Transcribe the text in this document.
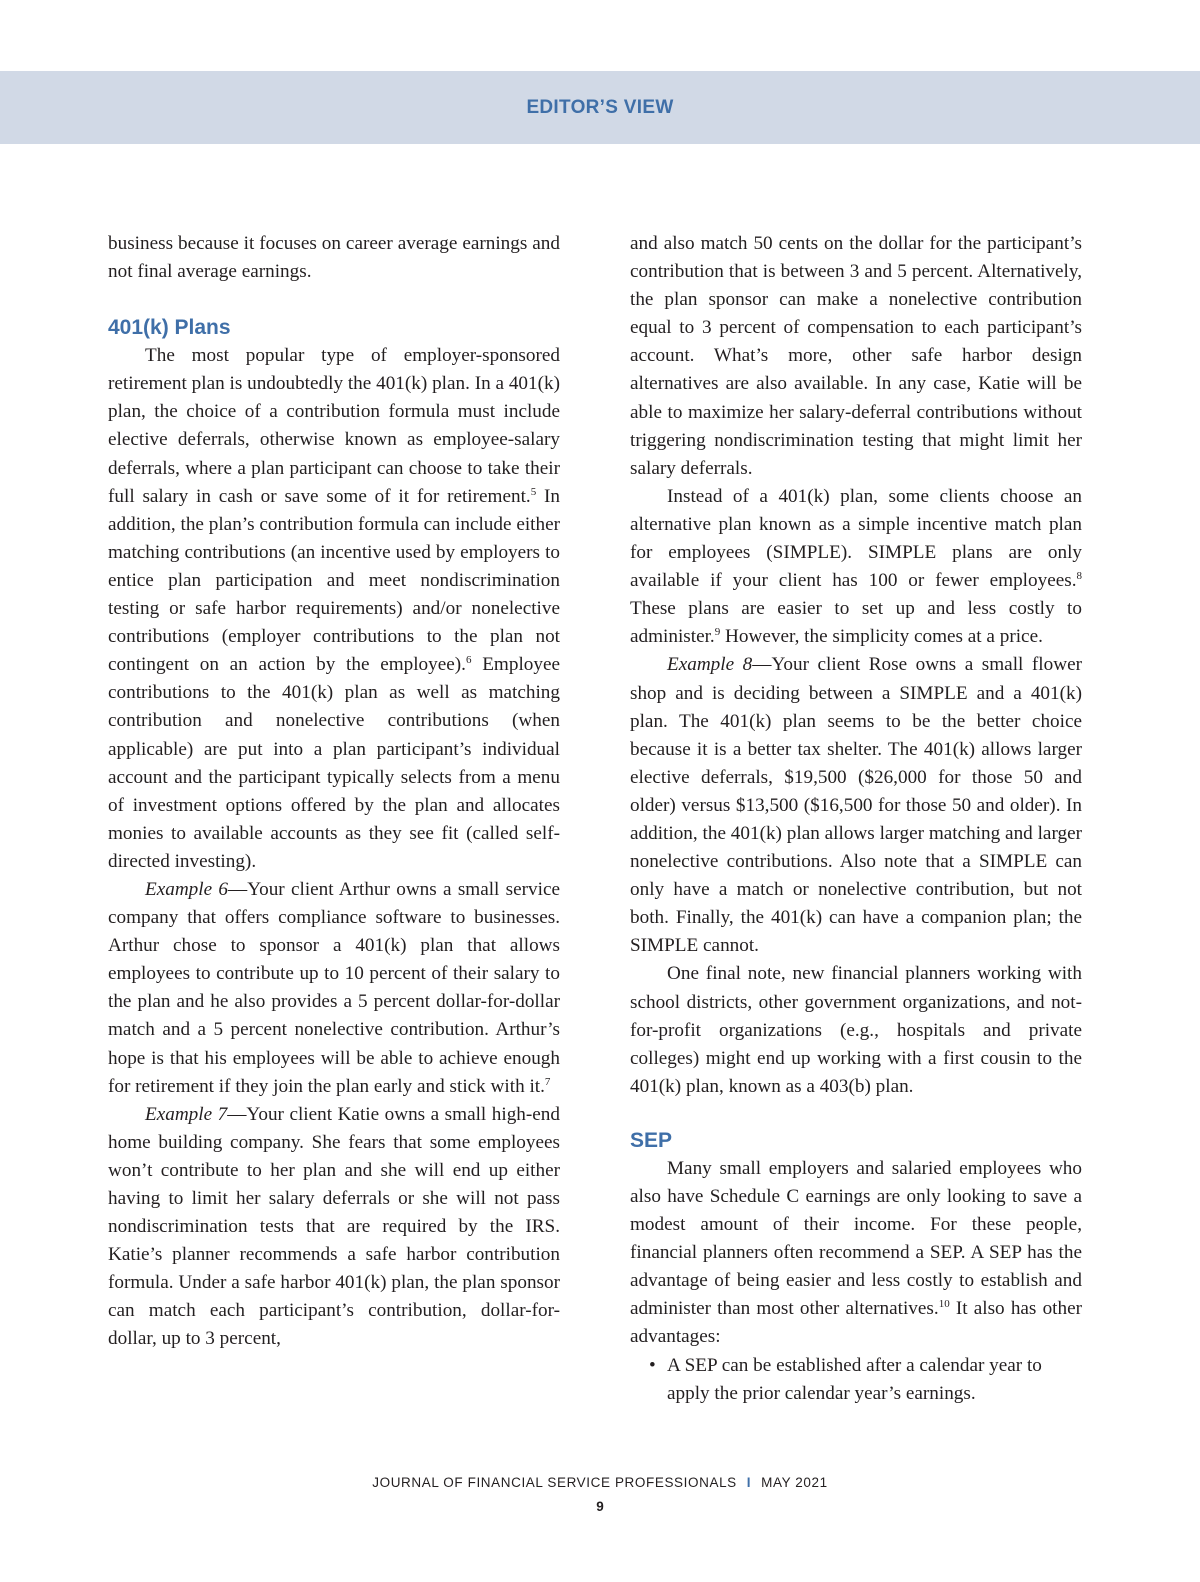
EDITOR’S VIEW

business because it focuses on career average earnings and not final average earnings.

401(k) Plans

The most popular type of employer-sponsored retirement plan is undoubtedly the 401(k) plan. In a 401(k) plan, the choice of a contribution formula must include elective deferrals, otherwise known as employee-salary deferrals, where a plan participant can choose to take their full salary in cash or save some of it for retirement.$^5$ In addition, the plan’s contribution formula can include either matching contributions (an incentive used by employers to entice plan participation and meet nondiscrimination testing or safe harbor requirements) and/or nonelective contributions (employer contributions to the plan not contingent on an action by the employee).$^6$ Employee contributions to the 401(k) plan as well as matching contribution and nonelective contributions (when applicable) are put into a plan participant’s individual account and the participant typically selects from a menu of investment options offered by the plan and allocates monies to available accounts as they see fit (called self-directed investing).

Example 6—Your client Arthur owns a small service company that offers compliance software to businesses. Arthur chose to sponsor a 401(k) plan that allows employees to contribute up to 10 percent of their salary to the plan and he also provides a 5 percent dollar-for-dollar match and a 5 percent nonelective contribution. Arthur’s hope is that his employees will be able to achieve enough for retirement if they join the plan early and stick with it.$^7$

Example 7—Your client Katie owns a small high-end home building company. She fears that some employees won’t contribute to her plan and she will end up either having to limit her salary deferrals or she will not pass nondiscrimination tests that are required by the IRS. Katie’s planner recommends a safe harbor contribution formula. Under a safe harbor 401(k) plan, the plan sponsor can match each participant’s contribution, dollar-for-dollar, up to 3 percent,

and also match 50 cents on the dollar for the participant’s contribution that is between 3 and 5 percent. Alternatively, the plan sponsor can make a nonelective contribution equal to 3 percent of compensation to each participant’s account. What’s more, other safe harbor design alternatives are also available. In any case, Katie will be able to maximize her salary-deferral contributions without triggering nondiscrimination testing that might limit her salary deferrals.

Instead of a 401(k) plan, some clients choose an alternative plan known as a simple incentive match plan for employees (SIMPLE). SIMPLE plans are only available if your client has 100 or fewer employees.$^8$ These plans are easier to set up and less costly to administer.$^9$ However, the simplicity comes at a price.

Example 8—Your client Rose owns a small flower shop and is deciding between a SIMPLE and a 401(k) plan. The 401(k) plan seems to be the better choice because it is a better tax shelter. The 401(k) allows larger elective deferrals, $19,500 ($26,000 for those 50 and older) versus $13,500 ($16,500 for those 50 and older). In addition, the 401(k) plan allows larger matching and larger nonelective contributions. Also note that a SIMPLE can only have a match or nonelective contribution, but not both. Finally, the 401(k) can have a companion plan; the SIMPLE cannot.

One final note, new financial planners working with school districts, other government organizations, and not-for-profit organizations (e.g., hospitals and private colleges) might end up working with a first cousin to the 401(k) plan, known as a 403(b) plan.

SEP

Many small employers and salaried employees who also have Schedule C earnings are only looking to save a modest amount of their income. For these people, financial planners often recommend a SEP. A SEP has the advantage of being easier and less costly to establish and administer than most other alternatives.$^{10}$ It also has other advantages:

• A SEP can be established after a calendar year to apply the prior calendar year’s earnings.
JOURNAL OF FINANCIAL SERVICE PROFESSIONALS I MAY 2021
9
